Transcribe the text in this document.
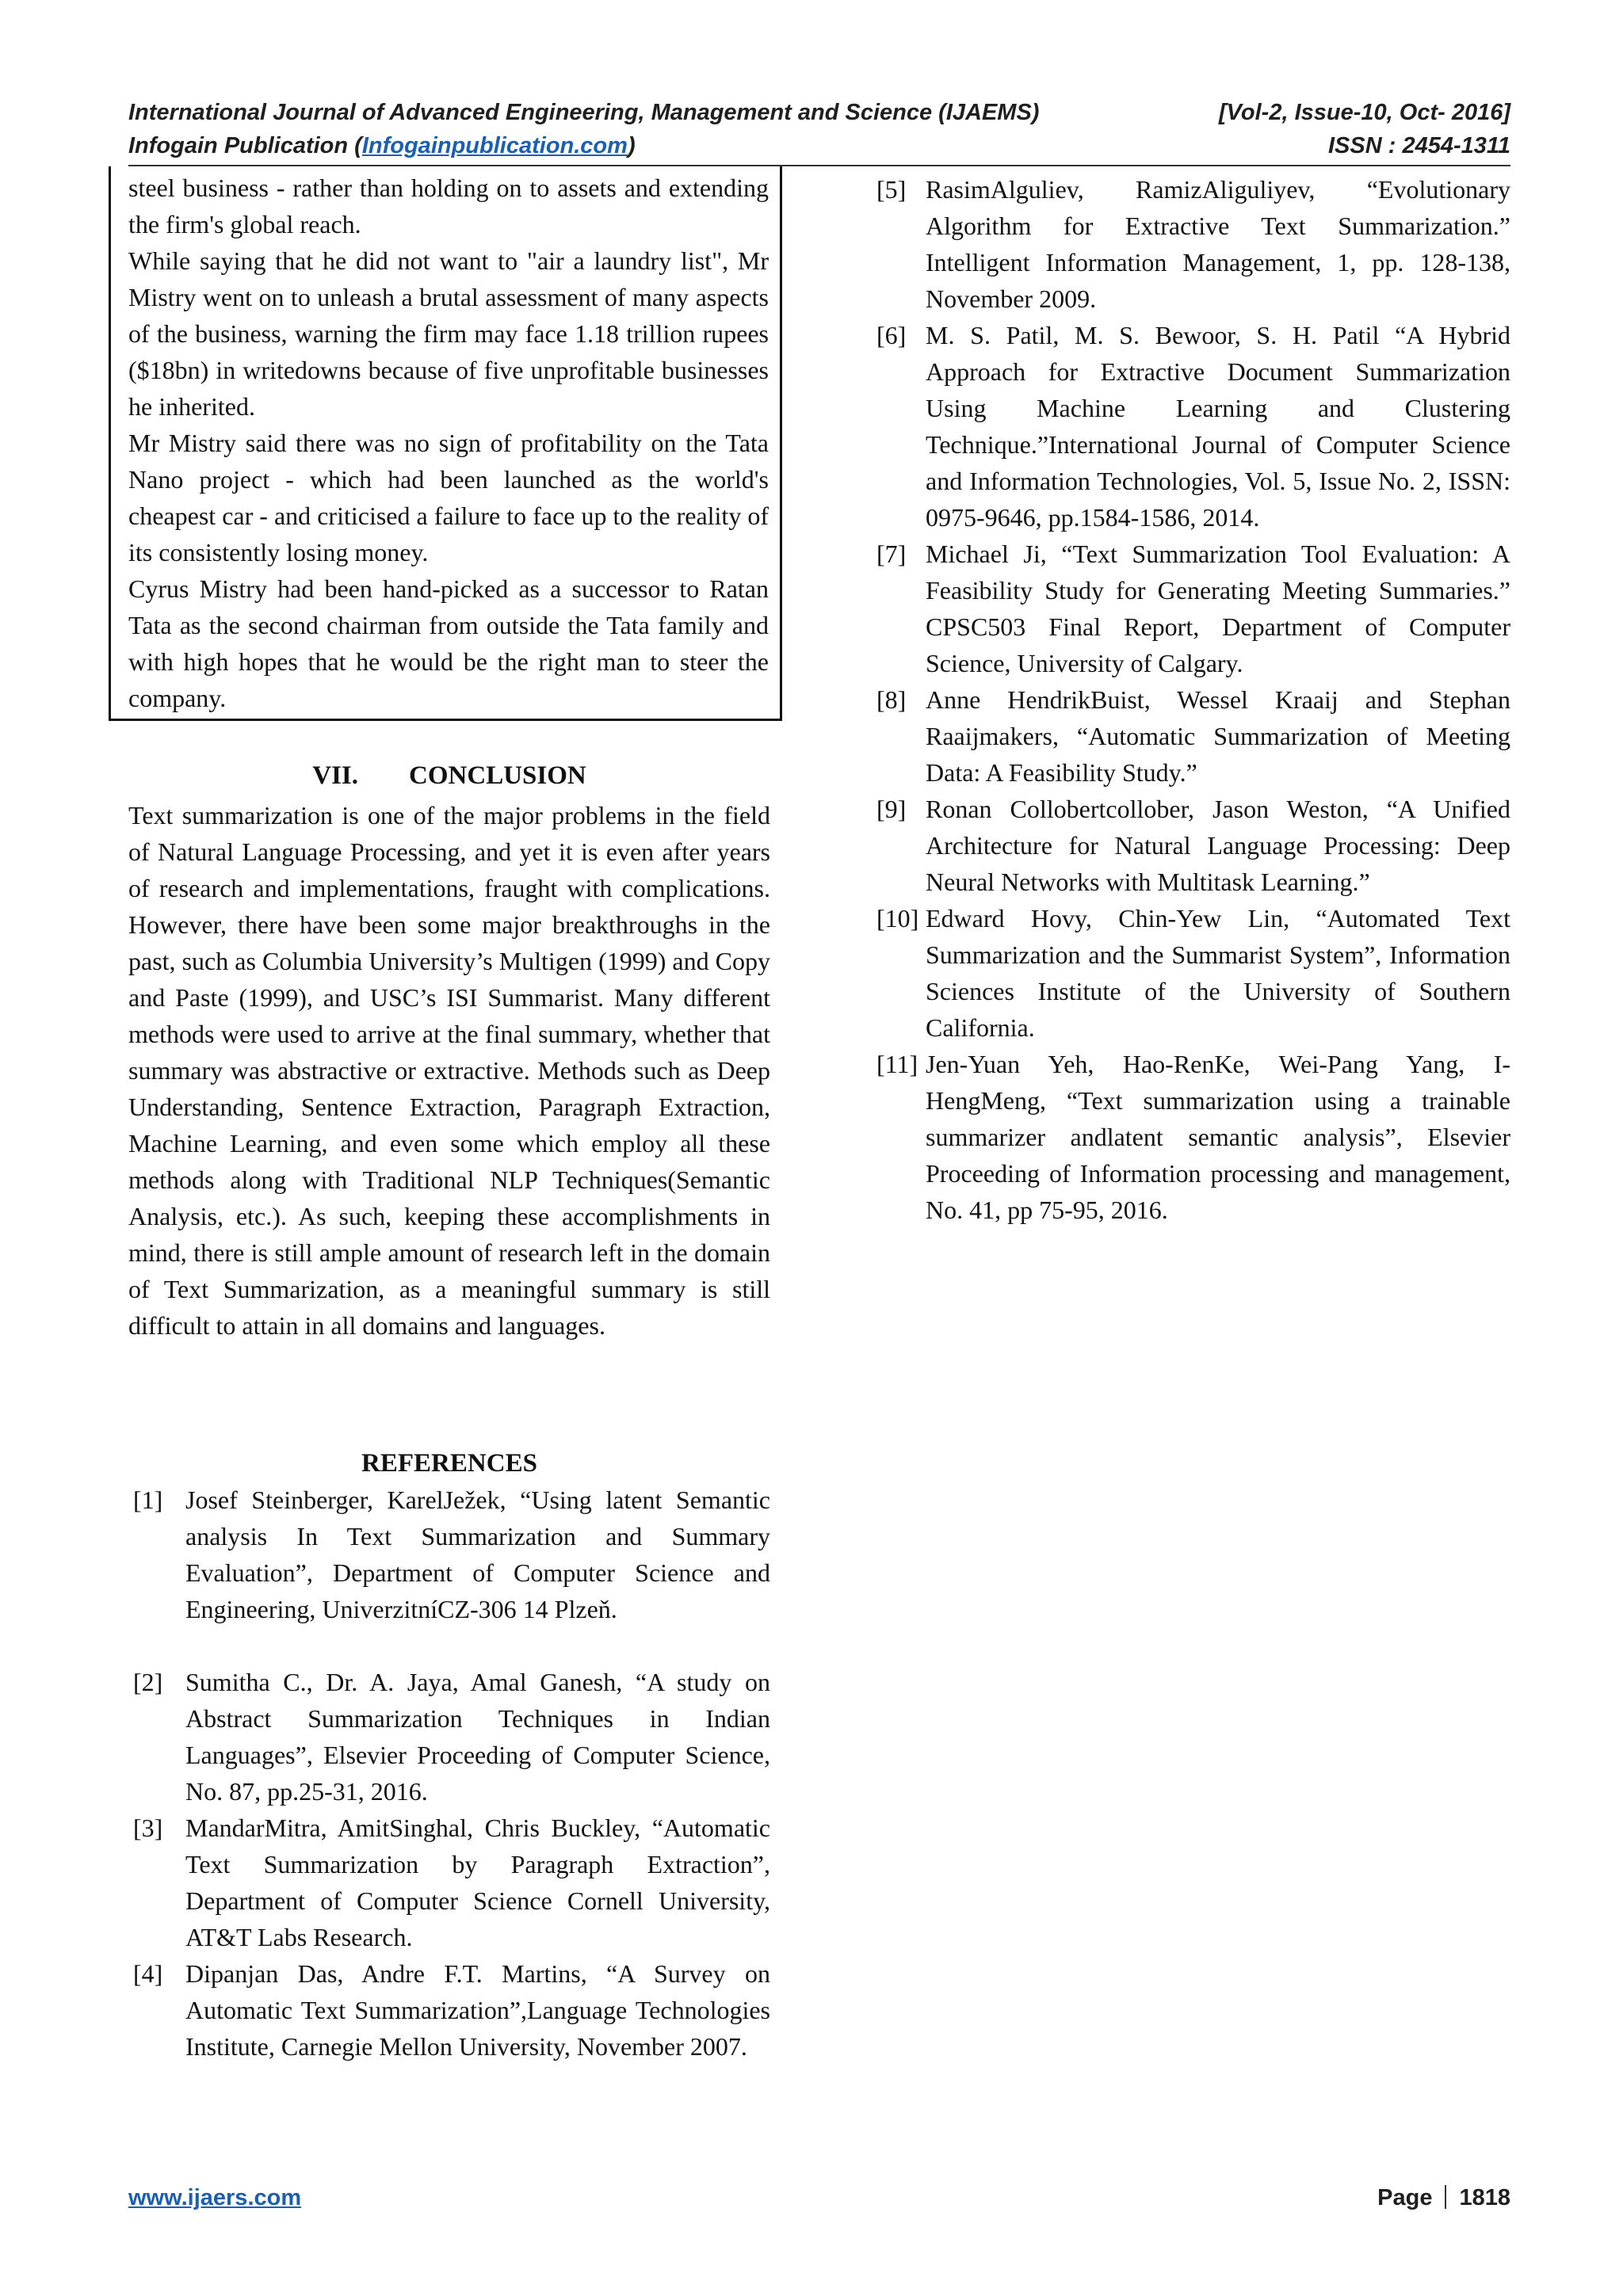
International Journal of Advanced Engineering, Management and Science (IJAEMS)	[Vol-2, Issue-10, Oct- 2016]
Infogain Publication (Infogainpublication.com)	ISSN : 2454-1311

steel business - rather than holding on to assets and extending the firm's global reach.

While saying that he did not want to "air a laundry list", Mr Mistry went on to unleash a brutal assessment of many aspects of the business, warning the firm may face 1.18 trillion rupees ($18bn) in writedowns because of five unprofitable businesses he inherited.

Mr Mistry said there was no sign of profitability on the Tata Nano project - which had been launched as the world's cheapest car - and criticised a failure to face up to the reality of its consistently losing money.

Cyrus Mistry had been hand-picked as a successor to Ratan Tata as the second chairman from outside the Tata family and with high hopes that he would be the right man to steer the company.

VII. CONCLUSION

Text summarization is one of the major problems in the field of Natural Language Processing, and yet it is even after years of research and implementations, fraught with complications. However, there have been some major breakthroughs in the past, such as Columbia University’s Multigen (1999) and Copy and Paste (1999), and USC’s ISI Summarist. Many different methods were used to arrive at the final summary, whether that summary was abstractive or extractive. Methods such as Deep Understanding, Sentence Extraction, Paragraph Extraction, Machine Learning, and even some which employ all these methods along with Traditional NLP Techniques(Semantic Analysis, etc.). As such, keeping these accomplishments in mind, there is still ample amount of research left in the domain of Text Summarization, as a meaningful summary is still difficult to attain in all domains and languages.

REFERENCES
[1] Josef Steinberger, KarelJežek, “Using latent Semantic analysis In Text Summarization and Summary Evaluation”, Department of Computer Science and Engineering, UniverzitníCZ-306 14 Plzeň.
[2] Sumitha C., Dr. A. Jaya, Amal Ganesh, “A study on Abstract Summarization Techniques in Indian Languages”, Elsevier Proceeding of Computer Science, No. 87, pp.25-31, 2016.
[3] MandarMitra, AmitSinghal, Chris Buckley, “Automatic Text Summarization by Paragraph Extraction”, Department of Computer Science Cornell University, AT&T Labs Research.
[4] Dipanjan Das, Andre F.T. Martins, “A Survey on Automatic Text Summarization”,Language Technologies Institute, Carnegie Mellon University, November 2007.
[5] RasimAlguliev, RamizAliguliyev, “Evolutionary Algorithm for Extractive Text Summarization.” Intelligent Information Management, 1, pp. 128-138, November 2009.
[6] M. S. Patil, M. S. Bewoor, S. H. Patil “A Hybrid Approach for Extractive Document Summarization Using Machine Learning and Clustering Technique.”International Journal of Computer Science and Information Technologies, Vol. 5, Issue No. 2, ISSN: 0975-9646, pp.1584-1586, 2014.
[7] Michael Ji, “Text Summarization Tool Evaluation: A Feasibility Study for Generating Meeting Summaries.” CPSC503 Final Report, Department of Computer Science, University of Calgary.
[8] Anne HendrikBuist, Wessel Kraaij and Stephan Raaijmakers, “Automatic Summarization of Meeting Data: A Feasibility Study.”
[9] Ronan Collobertcollober, Jason Weston, “A Unified Architecture for Natural Language Processing: Deep Neural Networks with Multitask Learning.”
[10] Edward Hovy, Chin-Yew Lin, “Automated Text Summarization and the Summarist System”, Information Sciences Institute of the University of Southern California.
[11] Jen-Yuan Yeh, Hao-RenKe, Wei-Pang Yang, I-HengMeng, “Text summarization using a trainable summarizer andlatent semantic analysis”, Elsevier Proceeding of Information processing and management, No. 41, pp 75-95, 2016.
www.ijaers.com	Page 1818
